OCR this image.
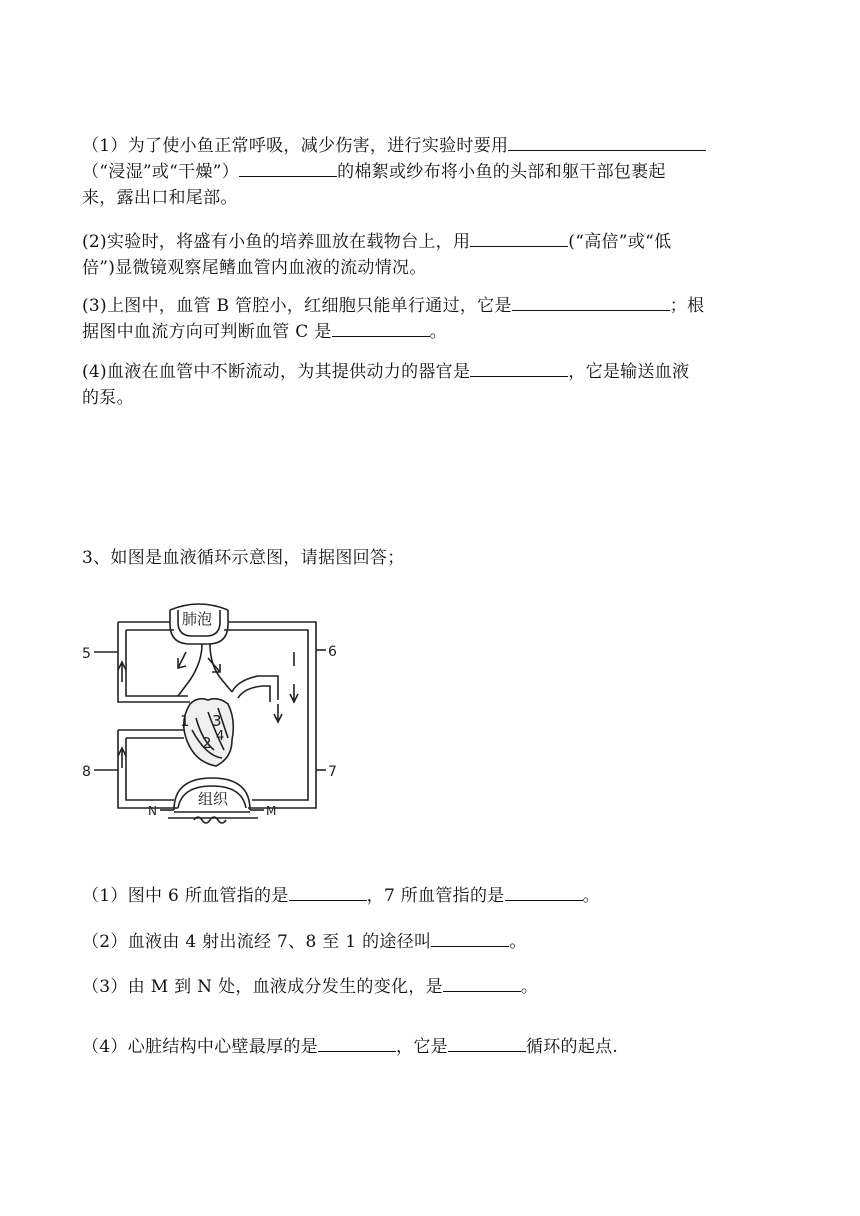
（1）为了使小鱼正常呼吸，减少伤害，进行实验时要用
（“浸湿”或“干燥”）	的棉絮或纱布将小鱼的头部和躯干部包裹起
来，露出口和尾部。
(2)实验时，将盛有小鱼的培养皿放在载物台上，用	(“高倍”或“低
倍”)显微镜观察尾鳍血管内血液的流动情况。
(3)上图中，血管 B 管腔小，红细胞只能单行通过，它是	；根
据图中血流方向可判断血管 C 是	。
(4)血液在血管中不断流动，为其提供动力的器官是	，它是输送血液
的泵。
3、如图是血液循环示意图，请据图回答；
肺泡
组织
1
2
3
4
5	6
7
8
N	M
（1）图中 6 所血管指的是	，7 所血管指的是	。
（2）血液由 4 射出流经 7、8 至 1 的途径叫	。
（3）由 M 到 N 处，血液成分发生的变化，是	。
（4）心脏结构中心壁最厚的是	，它是	循环的起点.
